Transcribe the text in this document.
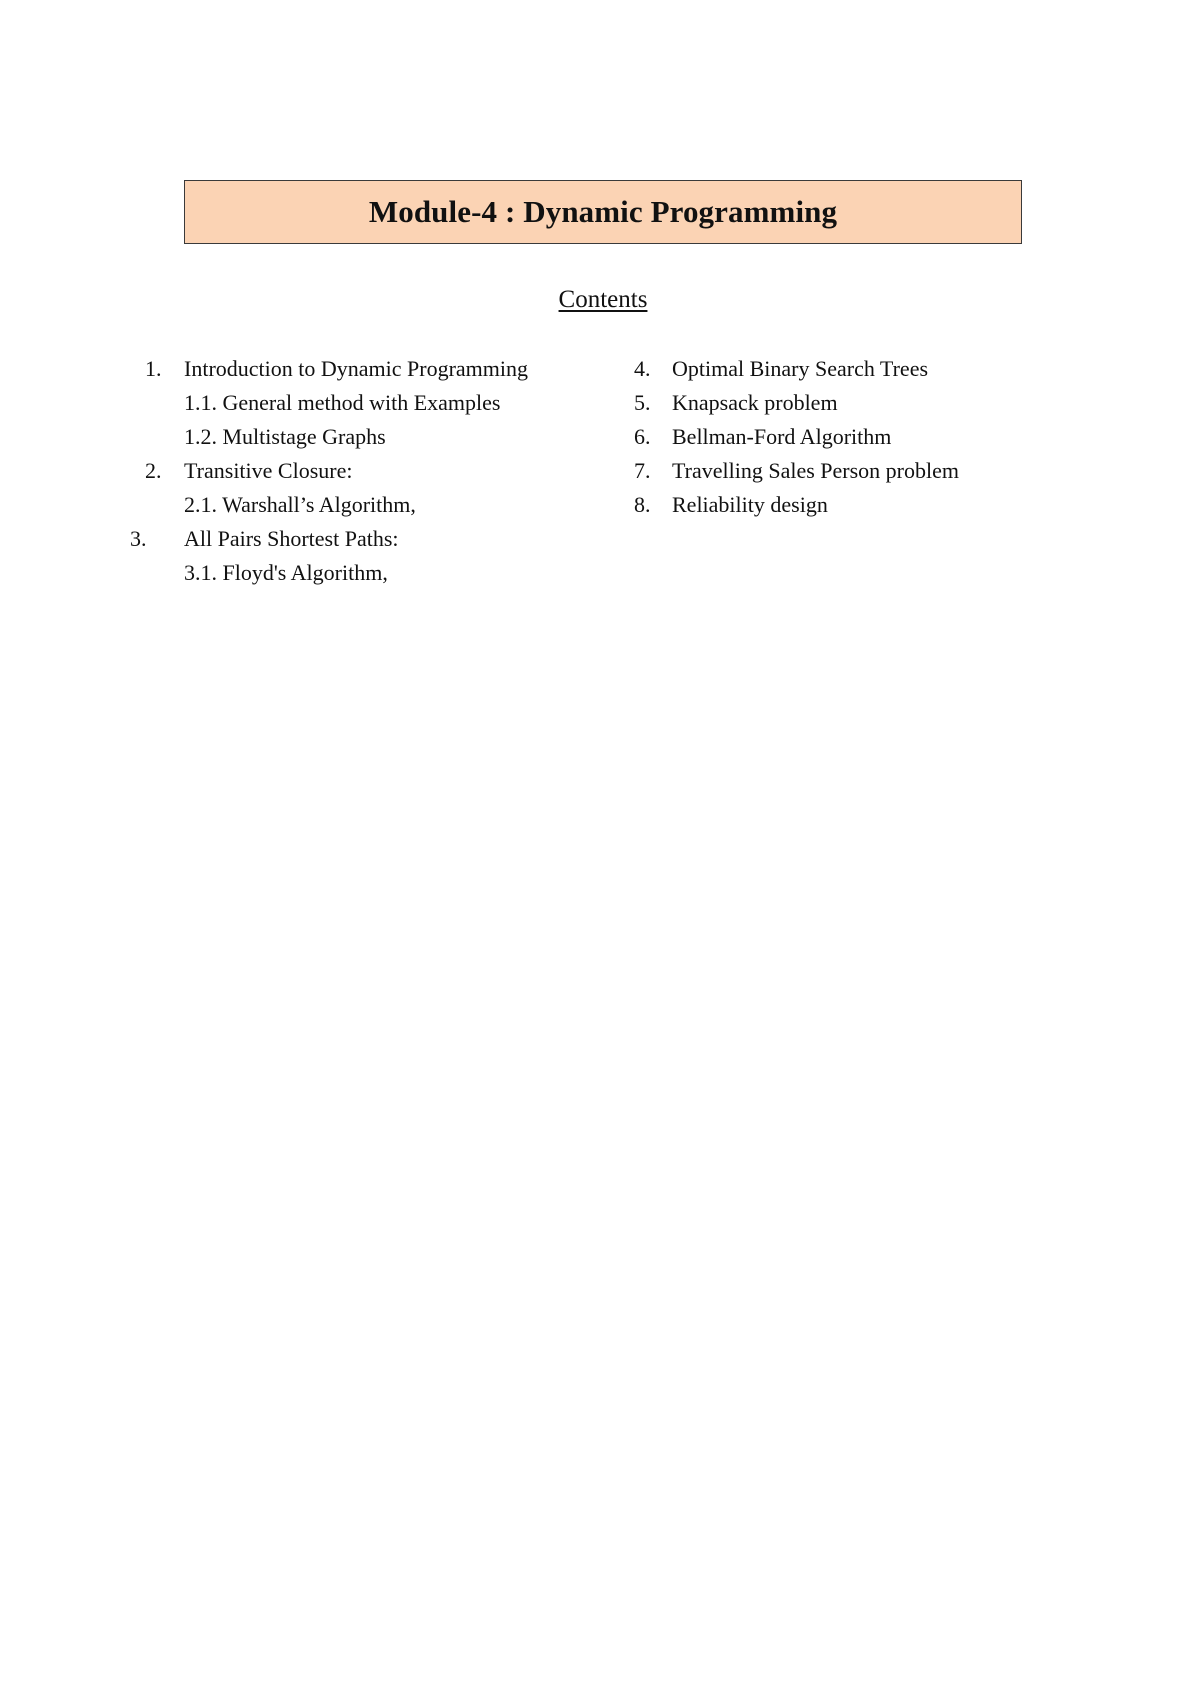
Module-4 : Dynamic Programming
Contents
1. Introduction to Dynamic Programming
1.1. General method with Examples
1.2. Multistage Graphs
2. Transitive Closure:
2.1. Warshall’s Algorithm,
3. All Pairs Shortest Paths:
3.1. Floyd's Algorithm,
4. Optimal Binary Search Trees
5. Knapsack problem
6. Bellman-Ford Algorithm
7. Travelling Sales Person problem
8. Reliability design
